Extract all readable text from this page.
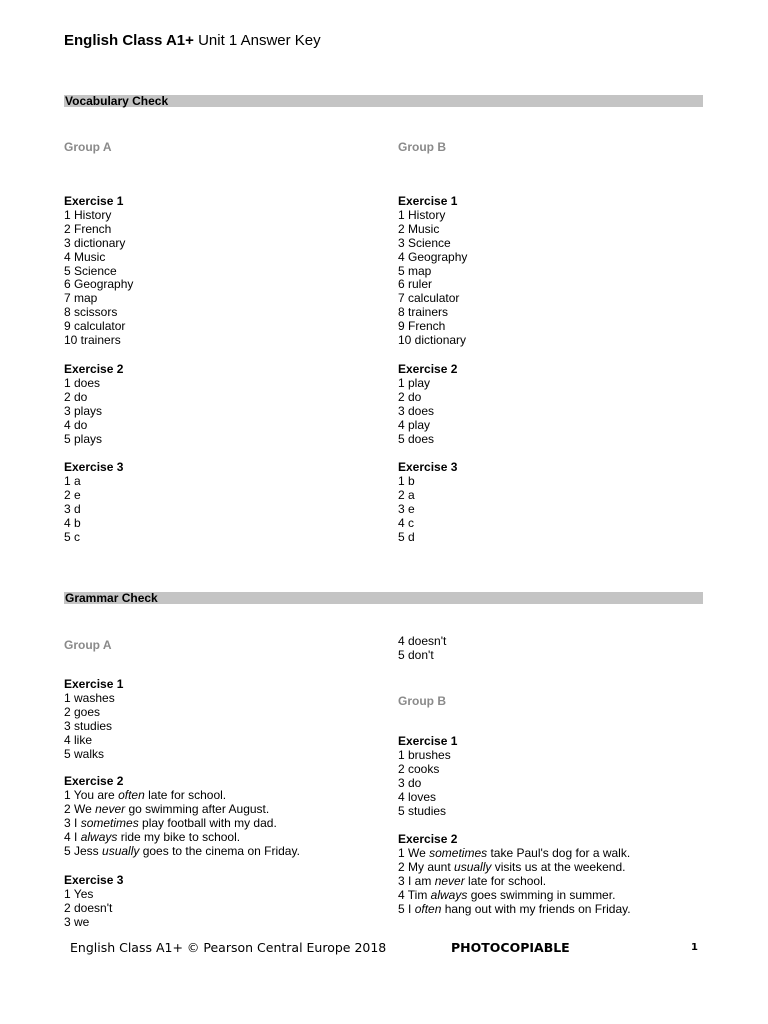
English Class A1+ Unit 1 Answer Key
Vocabulary Check
Group A	Group B
Exercise 1
1 History
2 French
3 dictionary
4 Music
5 Science
6 Geography
7 map
8 scissors
9 calculator
10 trainers
Exercise 2
1 does
2 do
3 plays
4 do
5 plays
Exercise 3
1 a
2 e
3 d
4 b
5 c
Exercise 1
1 History
2 Music
3 Science
4 Geography
5 map
6 ruler
7 calculator
8 trainers
9 French
10 dictionary
Exercise 2
1 play
2 do
3 does
4 play
5 does
Exercise 3
1 b
2 a
3 e
4 c
5 d
Grammar Check
Group A
Exercise 1
1 washes
2 goes
3 studies
4 like
5 walks
Exercise 2
1 You are often late for school.
2 We never go swimming after August.
3 I sometimes play football with my dad.
4 I always ride my bike to school.
5 Jess usually goes to the cinema on Friday.
Exercise 3
1 Yes
2 doesn't
3 we
4 doesn't
5 don't
Group B
Exercise 1
1 brushes
2 cooks
3 do
4 loves
5 studies
Exercise 2
1 We sometimes take Paul's dog for a walk.
2 My aunt usually visits us at the weekend.
3 I am never late for school.
4 Tim always goes swimming in summer.
5 I often hang out with my friends on Friday.
English Class A1+ © Pearson Central Europe 2018	PHOTOCOPIABLE	1
